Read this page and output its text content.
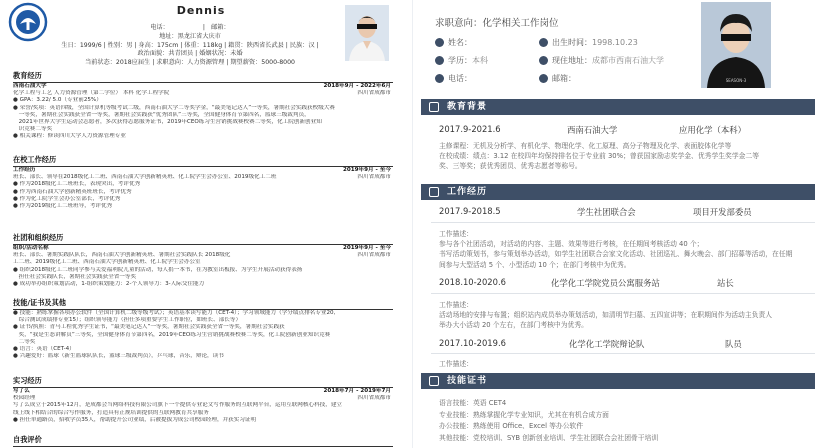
Dennis
电话：　　　　　　|　邮箱：
地址：黑龙江省大庆市
生日：1999/6 | 性别：男 | 身高：175cm | 体重：118kg | 籍贯：陕西省长武县 | 民族：汉 |
政治面貌：共青团员 | 婚姻状况：未婚
当前状态：2018应届生 | 求职意向：人力资源管理 | 期望薪资：5000-8000
教育经历
西南石油大学	2018年9月 - 2022年6月
化学工程与工艺 人力资源管理（第二学位） 本科 化学工程学院	四川省成都市
● GPA：3.22/ 5.0（专业前25%）
● 荣誉/奖项：英语四级，全国计算机等级考试二级，西南石油大学二等奖学金，“最美笔记达人”一等奖，暑期社会实践获校级大赛
　一等奖，暑期社会实践获全省一等奖，暑期社会实践获“优秀团队”三等奖，全国健身体育节第四名，篮球三级裁判员，
　2021年世界大学生运动会志愿者，多次获得志愿服务证书，2019年CEO练习生营销挑战赛校赛二等奖，化工院创新创业知
　识竞赛二等奖
● 相关课程：修读四川大学人力资源管理专业
在校工作经历
工作经历	2019年9月 - 至今
班长、部长、领导在2018级化工二班、西南石油大学创新精英班、化工院学生会办公室、2019级化工二班	四川省成都市
● 作为2018级化工二班班长，表现突出，考评优秀
● 作为西南石油大学创新精英班班长，考评优秀
● 作为化工院学生会办公室部长，考评优秀
● 作为2019级化工二班班导，考评优秀
社团和组织经历
组织/活动名称	2019年9月 - 至今
班长、部长、暑期实践队队长，西南石油大学创新精英班、暑期社会实践队长 2018级化	四川省成都市
工二班、2019级化工二班、西南石油大学创新精英班、化工院学生会办公室
● 组织2018级化工二班同学参与关爱福利院儿童的活动，每人捐一本书，在为教室出板报、为学生开展活动获得表扬
　担任社会实践队长，暑期社会实践获全省一等奖
● 成功举办组织策划活动，1-组织策划能力：2-个人领导力：3-人际交往能力
技能/证书及其他
● 技能：熟练掌握各项办公软件（全国计算机二级等级考试）；英语基本读写能力（CET-4）；学习领域能力（学分绩点排名专业20,
　综合测试成绩排专业15）；组织领导能力（担任多项重要学生工作职位，如班长、部长等）
● 证书/执照：青马工程优秀学生证书，“最美笔记达人”一等奖，暑期社会实践获全省一等奖，暑期社会实践获
　奖，“我是生态讲解员”三等奖，全国健身体育节第四名，2019年CEO练习生营销挑战赛校赛二等奖，化工院创新创业知识竞赛
　二等奖
● 语言：英语（CET-4）
● 兴趣爱好：篮球（新生篮球队队长，篮球三级裁判员），乒乓球，音乐，辩论，读书
实习经历
写了么	2018年7月 - 2019年7月
校园经理	四川省成都市
写了么成立于2015年12月，是成都会当网络科技有限公司旗下一个提供专业论文写作服务的互联网平台，运用互联网核心科技，建立
线上线下相结合的综合写作服务，打造具有正规培训提供的互联网教育共享服务
● 担任单通路员，招收学员35人，帮助提升公司业绩，后被提拔为成公司校园经理，并获实习证明
自我评价
求职意向：化学相关工作岗位
姓名：	出生时间：1998.10.23
学历：本科	现住地址：成都市西南石油大学
电话：	邮箱：	SEASON-3
教育背景
2017.9-2021.6	西南石油大学	应用化学（本科）
主修课程：无机及分析学、有机化学、物理化学、化工原理、高分子物理及化学、表面胶体化学等
在校成绩：绩点：3.12 在校四年均保持排名位于专业前 30%；曾获国家励志奖学金、优秀学生奖学金二等
奖、三等奖；获优秀团员、优秀志愿者等称号。
工作经历
2017.9-2018.5	学生社团联合会	项目开发部委员
工作描述：
参与各个社团活动，对活动的内容、主题、效果等进行考核，在任期间考核活动 40 个；
书写活动策划书，参与策划举办活动，如学生社团联合会家文化活动、社团巡礼、舞火晚会、部门招募等活动，在任期
间参与大型活动 5 个、小型活动 10 个；在部门考核中为优秀。
2018.10-2020.6	化学化工学院党员公寓服务站	站长
工作描述：
活动场地的安排与布置；组织站内成员举办策划活动，如清明节扫墓、五四宣讲等；在职期间作为活动主负责人
举办大小活动 20 个左右，在部门考核中为优秀。
2017.10-2019.6	化学化工学院辩论队	队员
工作描述：
技能证书
语言技能：英语 CET4
专业技能：熟练掌握化学专业知识，尤其在有机合成方面
办公技能：熟练使用 Office、Excel 等办公软件
其他技能：党校培训、SYB 创新创业培训、学生社团联合会社团骨干培训
